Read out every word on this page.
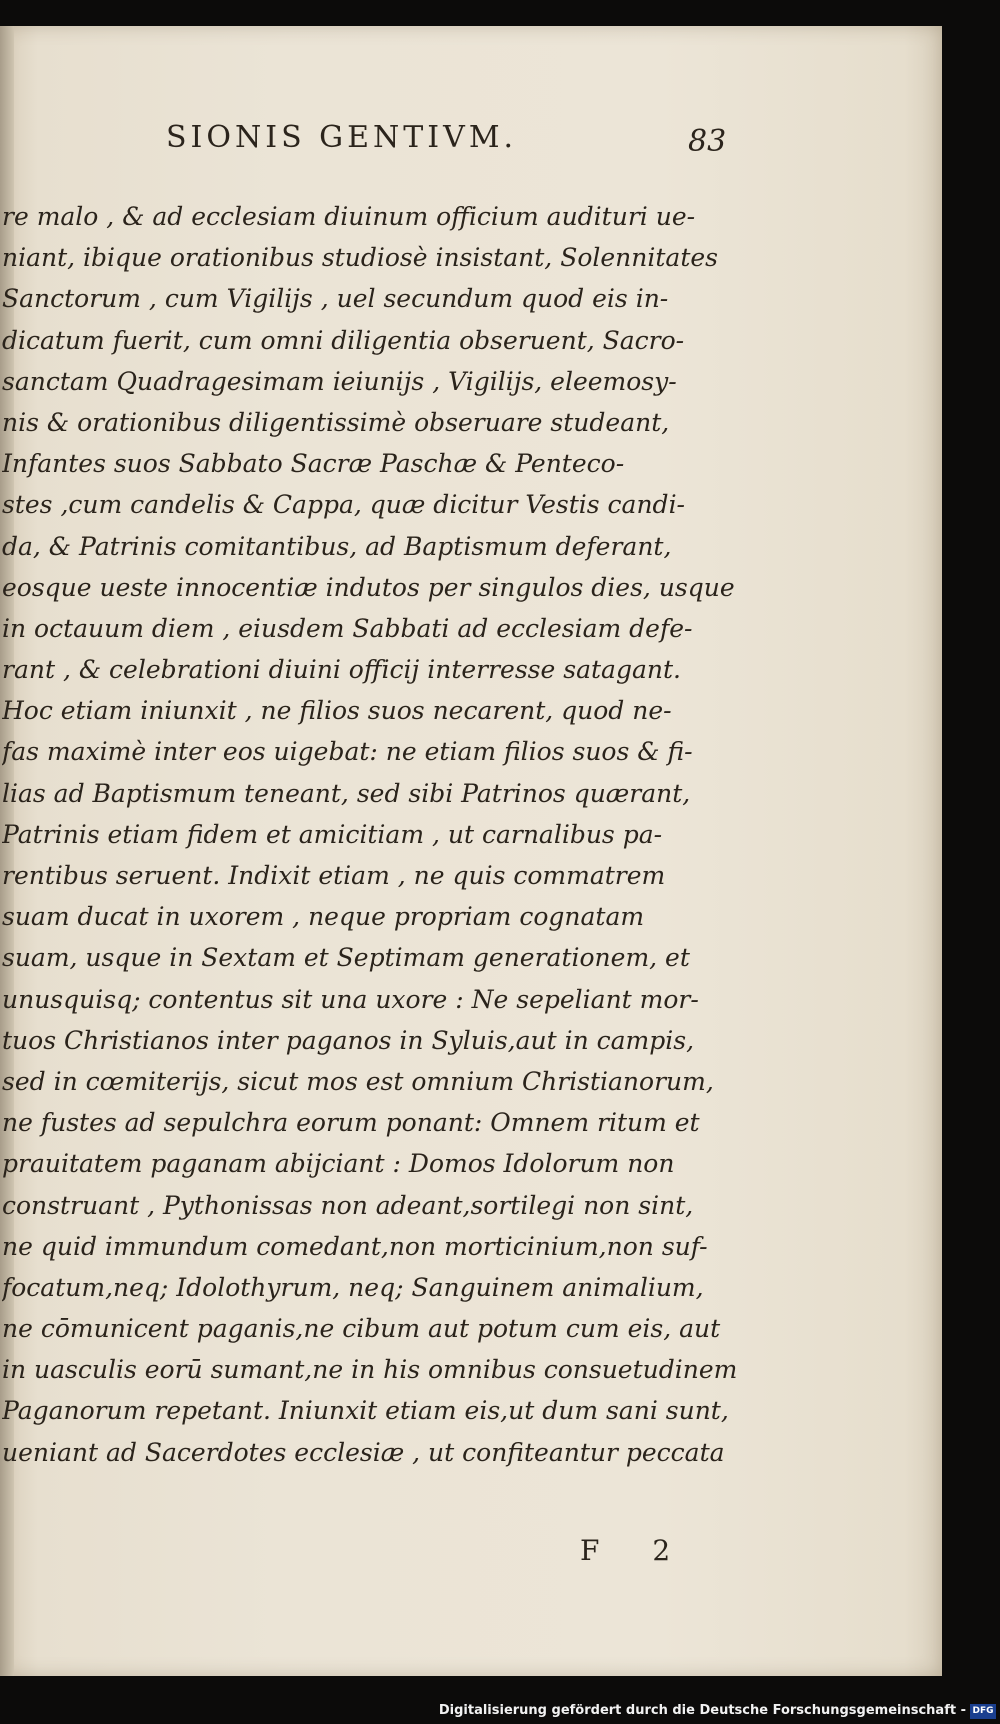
SIONIS GENTIVM.	83
re malo , & ad ecclesiam diuinum officium audituri ue-
niant, ibique orationibus studiosè insistant, Solennitates
Sanctorum , cum Vigilijs , uel secundum quod eis in-
dicatum fuerit, cum omni diligentia obseruent, Sacro-
sanctam Quadragesimam ieiunijs , Vigilijs, eleemosy-
nis & orationibus diligentissimè obseruare studeant,
Infantes suos Sabbato Sacræ Paschæ & Penteco-
stes ,cum candelis & Cappa, quæ dicitur Vestis candi-
da, & Patrinis comitantibus, ad Baptismum deferant,
eosque ueste innocentiæ indutos per singulos dies, usque
in octauum diem , eiusdem Sabbati ad ecclesiam defe-
rant , & celebrationi diuini officij interresse satagant.
Hoc etiam iniunxit , ne filios suos necarent, quod ne-
fas maximè inter eos uigebat: ne etiam filios suos & fi-
lias ad Baptismum teneant, sed sibi Patrinos quærant,
Patrinis etiam fidem et amicitiam , ut carnalibus pa-
rentibus seruent. Indixit etiam , ne quis commatrem
suam ducat in uxorem , neque propriam cognatam
suam, usque in Sextam et Septimam generationem, et
unusquisq; contentus sit una uxore : Ne sepeliant mor-
tuos Christianos inter paganos in Syluis,aut in campis,
sed in cœmiterijs, sicut mos est omnium Christianorum,
ne fustes ad sepulchra eorum ponant: Omnem ritum et
prauitatem paganam abijciant : Domos Idolorum non
construant , Pythonissas non adeant,sortilegi non sint,
ne quid immundum comedant,non morticinium,non suf-
focatum,neq; Idolothyrum, neq; Sanguinem animalium,
ne cōmunicent paganis,ne cibum aut potum cum eis, aut
in uasculis eorū sumant,ne in his omnibus consuetudinem
Paganorum repetant. Iniunxit etiam eis,ut dum sani sunt,
ueniant ad Sacerdotes ecclesiæ , ut confiteantur peccata
F 2
Digitalisierung gefördert durch die Deutsche Forschungsgemeinschaft - DFG
